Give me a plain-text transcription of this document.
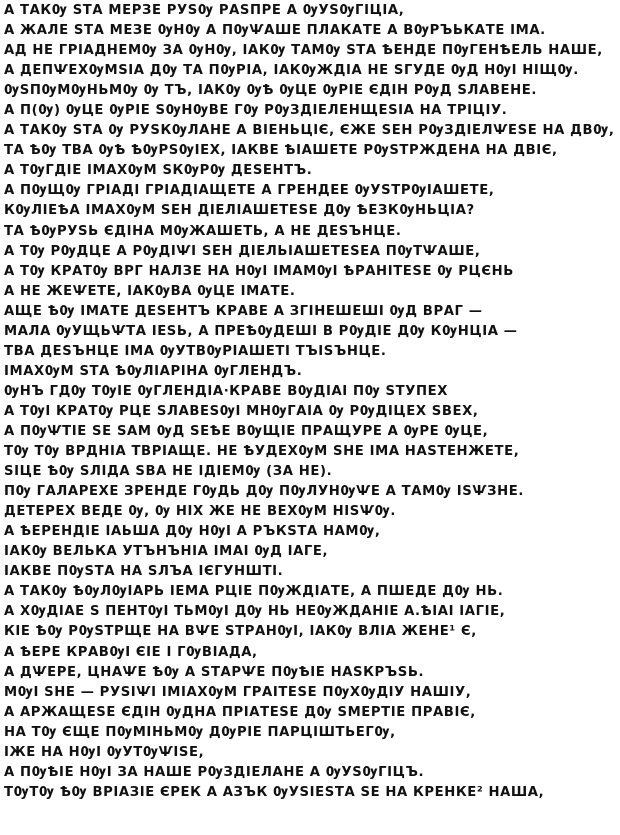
А ТАКѸ ЅТА МЕРЗЕ РУЅѸ РАЅПРЕ А ѸУЅѸГІЦІА,
А ЖАЛЕ ЅТА МЕЗЕ ѸНѸ А ПѸѰАШЕ ПЛАКАТЕ А ВѸРЪЬКАТЕ ІМА.
АД НЕ ГРІАДНЕМѸ ЗА ѸНѸ, ІАКѸ ТАМѸ ЅТА ѢЕНДЕ ПѸГЕНѢЕЛЬ НАШЕ,
А ДЕПѰЕХѸМЅІА ДѸ ТА ПѸРІА, ІАКѸЖДІА НЕ ЅГУДЕ ѸД НѸІ НІЩѸ.
ѸЅПѸМѸНЬМѸ Ѹ ТЪ, ІАКѸ ѸѢ ѸЦЕ ѸРІЕ ЄДІН РѸД ЅЛАВЕНЕ.
А П(Ѹ) ѸЦЕ ѸРІЕ ЅѸНѸВЕ ГѸ РѸЗДІЕЛЕНЩЕЅІА НА ТРІЦІУ.
А ТАКѸ ЅТА Ѹ РУЅКѸЛАНЕ А ВІЕНЬЦІЄ, ЄЖЕ ЅЕН РѸЗДІЕЛѰЕЅЕ НА ДВѸ,
ТА ѢѸ ТВА ѸѢ ѢѸРЅѸІЕХ, ІАКВЕ ѢІАШЕТЕ РѸЅТРЖДЕНА НА ДВІЄ,
А ТѸГДІЕ ІМАХѸМ ЅКѸРѸ ДЕЅЕНТЪ.
А ПѸЩѸ ГРІАДІ ГРІАДІАЩЕТЕ А ГРЕНДЕЕ ѸУЅТРѸІАШЕТЕ,
КѸЛІЕѢА ІМАХѸМ ЅЕН ДІЕЛІАШЕТЕЅЕ ДѸ ѢЕЗКѸНЬЦІА?
ТА ѢѸРУЅЬ ЄДІНА МѸЖАШЕТЬ, А НЕ ДЕЅЪНЦЕ.
А ТѸ РѸДЦЕ А РѸДІѰІ ЅЕН ДІЕЛЬІАШЕТЕЅЕА ПѸТѰАШЕ,
А ТѸ КРАТѸ ВРГ НАЛЗЕ НА НѸІ ІМАМѸІ ѢРАНІТЕЅЕ Ѹ РЦЄНЬ
А НЕ ЖЕѰЕТЕ, ІАКѸВА ѸЦЕ ІМАТЕ.
АЩЕ ѢѸ ІМАТЕ ДЕЅЕНТЪ КРАВЕ А ЗГІНЕШЕШІ ѸД ВРАГ —
МАЛА ѸУЩЬѰТА ІЕЅЬ, А ПРЕѢѸДЕШІ В РѸДІЕ ДѸ КѸНЦІА —
ТВА ДЕЅЪНЦЕ ІМА ѸУТВѸРІАШЕТІ ТЪІЅЪНЦЕ.
ІМАХѸМ ЅТА ѢѸЛІАРІНА ѸГЛЕНДЪ.
ѸНЪ ГДѸ ТѸІЕ ѸГЛЕНДІА·КРАВЕ ВѸДІАІ ПѸ ЅТУПЕХ
А ТѸІ КРАТѸ РЦЕ ЅЛАВЕЅѸІ МНѸГАІА Ѹ РѸДІЦЕХ ЅВЕХ,
А ПѸѰТІЕ ЅЕ ЅАМ ѸД ЅЕѢЕ ВѸЩІЕ ПРАЩУРЕ А ѸРЕ ѸЦЕ,
ТѸ ТѸ ВРДНІА ТВРІАЩЕ. НЕ ѢУДЕХѸМ ЅНЕ ІМА НАЅТЕНЖЕТЕ,
ЅІЦЕ ѢѸ ЅЛІДА ЅВА НЕ ІДІЕМѸ (ЗА НЕ).
ПѸ ГАЛАРЕХЕ ЗРЕНДЕ ГѸДЬ ДѸ ПѸЛУНѸѰЕ А ТАМѸ ІЅѰЗНЕ.
ДЕТЕРЕХ ВЕДЕ Ѹ, Ѹ НІХ ЖЕ НЕ ВЕХѸМ НІЅѰѸ.
А ѢЕРЕНДІЕ ІАЬША ДѸ НѸІ А РЪКЅТА НАМѸ,
ІАКѸ ВЕЛЬКА УТЪНЪНІА ІМАІ ѸД ІАГЕ,
ІАКВЕ ПѸЅТА НА ЅЛЪА ІЄГУНШТІ.
А ТАКѸ ѢѸЛѸІАРЬ ІЕМА РЦІЕ ПѸЖДІАТЕ, А ПШЕДЕ ДѸ НЬ.
А ХѸДІАЕ Ѕ ПЕНТѸІ ТЬМѸІ ДѸ НЬ НЕѸЖДАНІЕ А.ѢІАІ ІАГІЕ,
КІЕ ѢѸ РѸЅТРЩЕ НА ВѰЕ ЅТРАНѸІ, ІАКѸ ВЛІА ЖЕНЕ¹ Є,
А ѢЕРЕ КРАВѸІ ЄІЕ І ГѸВІАДА,
А ДѰЕРЕ, ЦНАѰЕ ѢѸ А ЅТАРѰЕ ПѸѢІЕ НАЅКРЪЅЬ.
МѸІ ЅНЕ — РУЅІѰІ ІМІАХѸМ ГРАІТЕЅЕ ПѸХѸДІУ НАШІУ,
А АРЖАЩЕЅЕ ЄДІН ѸДНА ПРІАТЕЅЕ ДѸ ЅМЕРТІЕ ПРАВІЄ,
НА ТѸ ЄЩЕ ПѸМІНЬМѸ ДѸРІЕ ПАРЦІШТЬЕГѸ,
ІЖЕ НА НѸІ ѸУТѸѰІЅЕ,
А ПѸѢІЕ НѸІ ЗА НАШЕ РѸЗДІЕЛАНЕ А ѸУЅѸГІЦЪ.
ТѸТѸ ѢѸ ВРІАЗІЕ ЄРЕК А АЗЪК ѸУЅІЕЅТА ЅЕ НА КРЕНКЕ² НАША,
